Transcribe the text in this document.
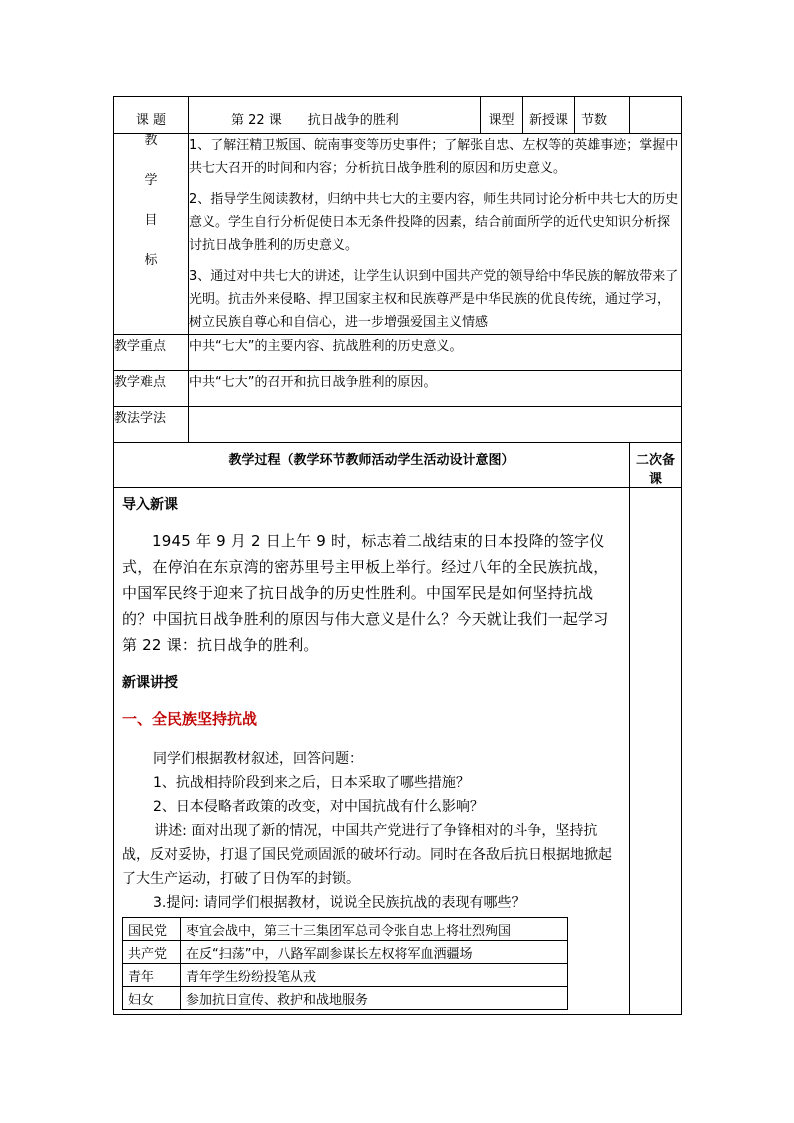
课 题	第 22 课　　抗日战争的胜利	课型	新授课	节数

教
学
目
标

1、了解汪精卫叛国、皖南事变等历史事件；了解张自忠、左权等的英雄事迹；掌握中共七大召开的时间和内容；分析抗日战争胜利的原因和历史意义。

2、指导学生阅读教材，归纳中共七大的主要内容，师生共同讨论分析中共七大的历史意义。学生自行分析促使日本无条件投降的因素，结合前面所学的近代史知识分析探讨抗日战争胜利的历史意义。

3、通过对中共七大的讲述，让学生认识到中国共产党的领导给中华民族的解放带来了光明。抗击外来侵略、捍卫国家主权和民族尊严是中华民族的优良传统，通过学习，树立民族自尊心和自信心，进一步增强爱国主义情感

教学重点	中共“七大”的主要内容、抗战胜利的历史意义。
教学难点	中共“七大”的召开和抗日战争胜利的原因。
教法学法	
教学过程（教学环节教师活动学生活动设计意图）	二次备课

导入新课

1945 年 9 月 2 日上午 9 时，标志着二战结束的日本投降的签字仪式，在停泊在东京湾的密苏里号主甲板上举行。经过八年的全民族抗战，中国军民终于迎来了抗日战争的历史性胜利。中国军民是如何坚持抗战的？中国抗日战争胜利的原因与伟大意义是什么？今天就让我们一起学习第 22 课：抗日战争的胜利。

新课讲授

一、全民族坚持抗战

同学们根据教材叙述，回答问题：

1、抗战相持阶段到来之后，日本采取了哪些措施？

2、日本侵略者政策的改变，对中国抗战有什么影响？

讲述: 面对出现了新的情况，中国共产党进行了争锋相对的斗争，坚持抗战，反对妥协，打退了国民党顽固派的破坏行动。同时在各敌后抗日根据地掀起了大生产运动，打破了日伪军的封锁。

3.提问: 请同学们根据教材，说说全民族抗战的表现有哪些？

国民党	枣宜会战中，第三十三集团军总司令张自忠上将壮烈殉国
共产党	在反“扫荡”中，八路军副参谋长左权将军血洒疆场
青年	青年学生纷纷投笔从戎
妇女	参加抗日宣传、救护和战地服务
